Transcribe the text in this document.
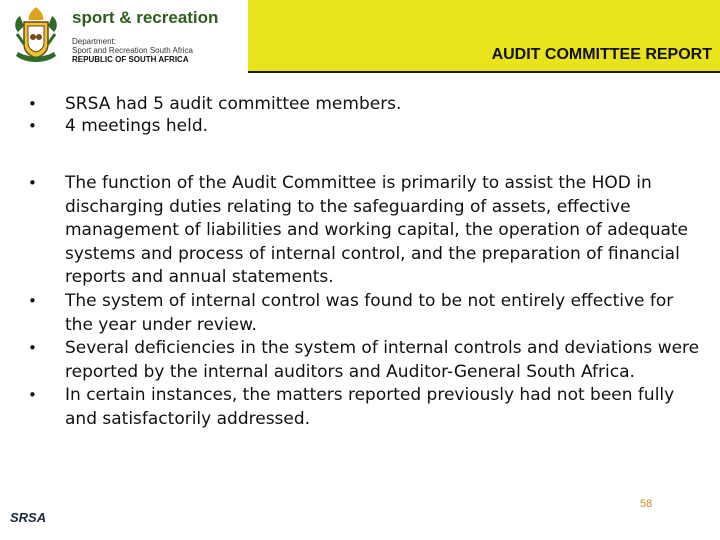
sport & recreation
Department:
Sport and Recreation South Africa
REPUBLIC OF SOUTH AFRICA	AUDIT COMMITTEE REPORT
• SRSA had 5 audit committee members.
• 4 meetings held.
• The function of the Audit Committee is primarily to assist the HOD in discharging duties relating to the safeguarding of assets, effective management of liabilities and working capital, the operation of adequate systems and process of internal control, and the preparation of financial reports and annual statements.
• The system of internal control was found to be not entirely effective for the year under review.
• Several deficiencies in the system of internal controls and deviations were reported by the internal auditors and Auditor-General South Africa.
• In certain instances, the matters reported previously had not been fully and satisfactorily addressed.
58
SRSA
